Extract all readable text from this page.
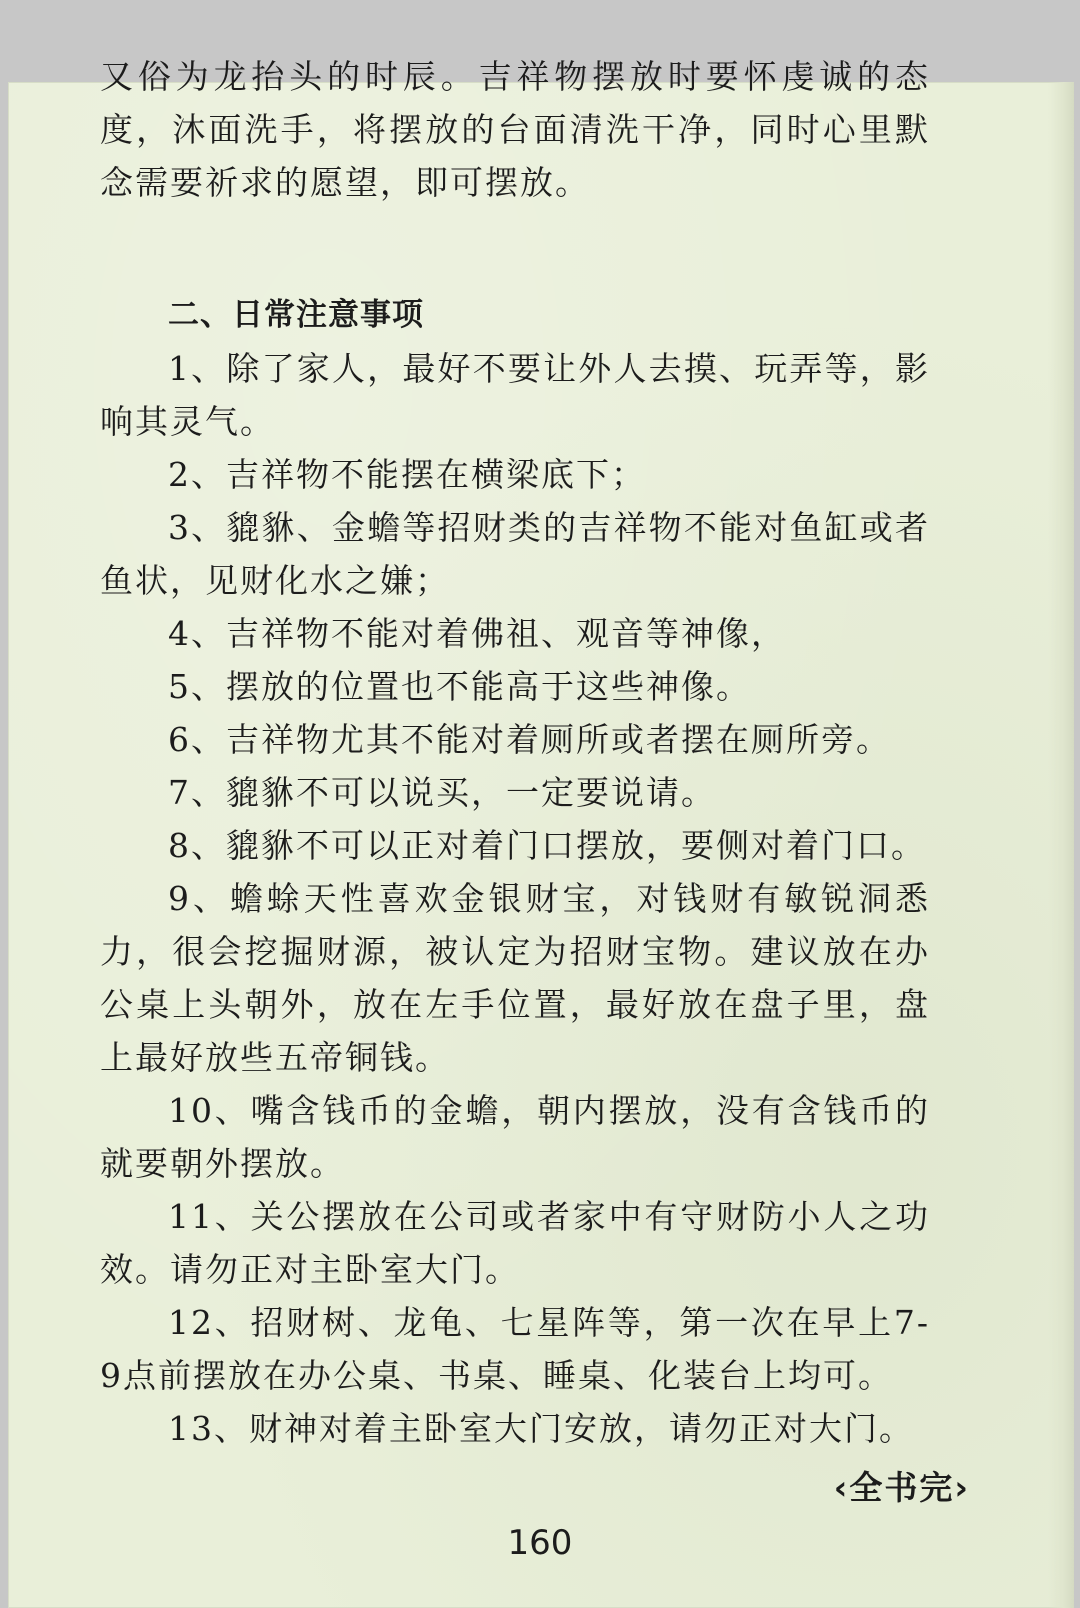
又俗为龙抬头的时辰。吉祥物摆放时要怀虔诚的态度，沐面洗手，将摆放的台面清洗干净，同时心里默念需要祈求的愿望，即可摆放。

二、日常注意事项

1、除了家人，最好不要让外人去摸、玩弄等，影响其灵气。

2、吉祥物不能摆在横梁底下；

3、貔貅、金蟾等招财类的吉祥物不能对鱼缸或者鱼状，见财化水之嫌；

4、吉祥物不能对着佛祖、观音等神像，

5、摆放的位置也不能高于这些神像。

6、吉祥物尤其不能对着厕所或者摆在厕所旁。

7、貔貅不可以说买，一定要说请。

8、貔貅不可以正对着门口摆放，要侧对着门口。

9、蟾蜍天性喜欢金银财宝，对钱财有敏锐洞悉力，很会挖掘财源，被认定为招财宝物。建议放在办公桌上头朝外，放在左手位置，最好放在盘子里，盘上最好放些五帝铜钱。

10、嘴含钱币的金蟾，朝内摆放，没有含钱币的就要朝外摆放。

11、关公摆放在公司或者家中有守财防小人之功效。请勿正对主卧室大门。

12、招财树、龙龟、七星阵等，第一次在早上7-9点前摆放在办公桌、书桌、睡桌、化装台上均可。

13、财神对着主卧室大门安放，请勿正对大门。

‹全书完›
160
